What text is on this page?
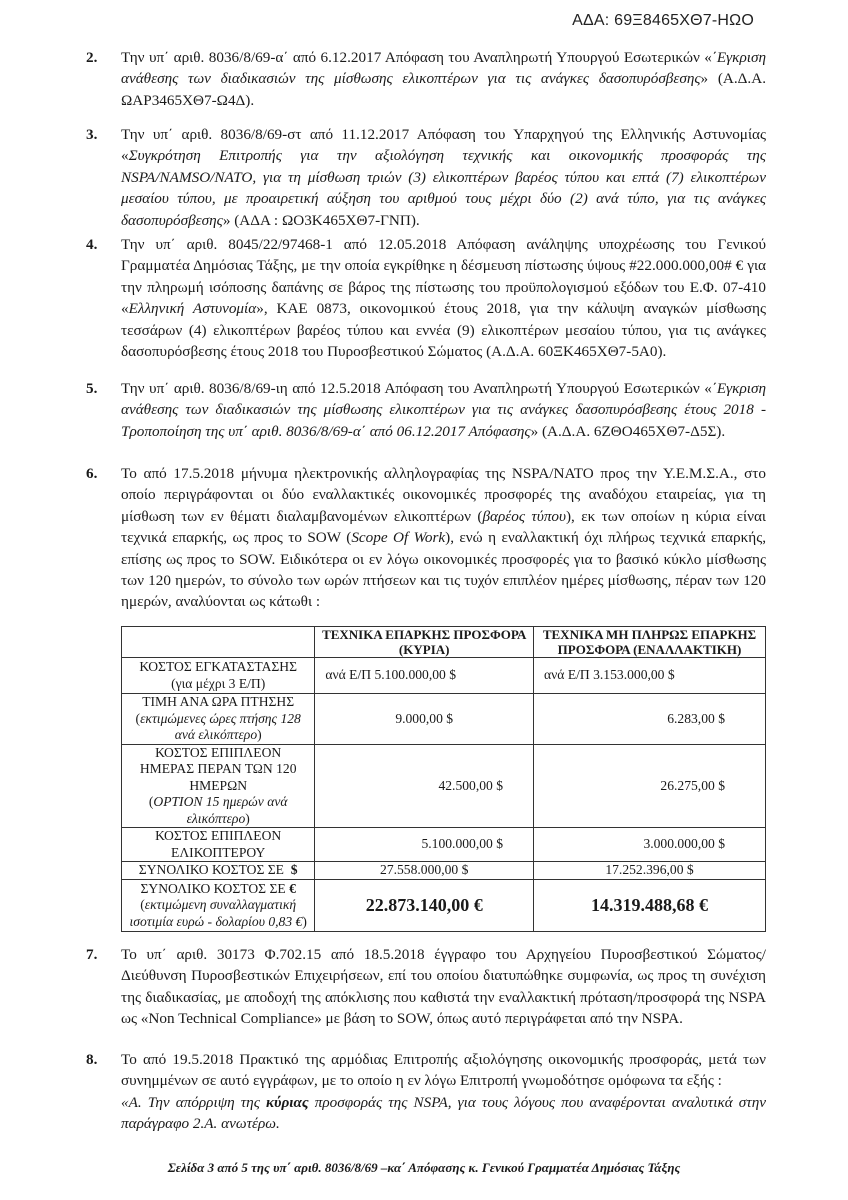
ΑΔΑ: 69Ξ8465ΧΘ7-ΗΩΟ
2.	Την υπ΄ αριθ. 8036/8/69-α΄ από 6.12.2017 Απόφαση του Αναπληρωτή Υπουργού Εσωτερικών «΄Εγκριση ανάθεσης των διαδικασιών της μίσθωσης ελικοπτέρων για τις ανάγκες δασοπυρόσβεσης» (Α.Δ.Α. ΩΑΡ3465ΧΘ7-Ω4Δ).
3.	Την υπ΄ αριθ. 8036/8/69-στ από 11.12.2017 Απόφαση του Υπαρχηγού της Ελληνικής Αστυνομίας «Συγκρότηση Επιτροπής για την αξιολόγηση τεχνικής και οικονομικής προσφοράς της NSPA/NAMSO/NATO, για τη μίσθωση τριών (3) ελικοπτέρων βαρέος τύπου και επτά (7) ελικοπτέρων μεσαίου τύπου, με προαιρετική αύξηση του αριθμού τους μέχρι δύο (2) ανά τύπο, για τις ανάγκες δασοπυρόσβεσης» (ΑΔΑ : ΩΟ3Κ465ΧΘ7-ΓΝΠ).
4.	Την υπ΄ αριθ. 8045/22/97468-1 από 12.05.2018 Απόφαση ανάληψης υποχρέωσης του Γενικού Γραμματέα Δημόσιας Τάξης, με την οποία εγκρίθηκε η δέσμευση πίστωσης ύψους #22.000.000,00# € για την πληρωμή ισόποσης δαπάνης σε βάρος της πίστωσης του προϋπολογισμού εξόδων του Ε.Φ. 07-410 «Ελληνική Αστυνομία», ΚΑΕ 0873, οικονομικού έτους 2018, για την κάλυψη αναγκών μίσθωσης τεσσάρων (4) ελικοπτέρων βαρέος τύπου και εννέα (9) ελικοπτέρων μεσαίου τύπου, για τις ανάγκες δασοπυρόσβεσης έτους 2018 του Πυροσβεστικού Σώματος (Α.Δ.Α. 60ΞΚ465ΧΘ7-5Α0).
5.	Την υπ΄ αριθ. 8036/8/69-ιη από 12.5.2018 Απόφαση του Αναπληρωτή Υπουργού Εσωτερικών «΄Εγκριση ανάθεσης των διαδικασιών της μίσθωσης ελικοπτέρων για τις ανάγκες δασοπυρόσβεσης έτους 2018 - Τροποποίηση της υπ΄ αριθ. 8036/8/69-α΄ από 06.12.2017 Απόφασης» (Α.Δ.Α. 6ΖΘΟ465ΧΘ7-Δ5Σ).
6.	Το από 17.5.2018 μήνυμα ηλεκτρονικής αλληλογραφίας της NSPA/NATO προς την Υ.Ε.Μ.Σ.Α., στο οποίο περιγράφονται οι δύο εναλλακτικές οικονομικές προσφορές της αναδόχου εταιρείας, για τη μίσθωση των εν θέματι διαλαμβανομένων ελικοπτέρων (βαρέος τύπου), εκ των οποίων η κύρια είναι τεχνικά επαρκής, ως προς το SOW (Scope Of Work), ενώ η εναλλακτική όχι πλήρως τεχνικά επαρκής, επίσης ως προς το SOW. Ειδικότερα οι εν λόγω οικονομικές προσφορές για το βασικό κύκλο μίσθωσης των 120 ημερών, το σύνολο των ωρών πτήσεων και τις τυχόν επιπλέον ημέρες μίσθωσης, πέραν των 120 ημερών, αναλύονται ως κάτωθι :
	ΤΕΧΝΙΚΑ ΕΠΑΡΚΗΣ ΠΡΟΣΦΟΡΑ (ΚΥΡΙΑ)	ΤΕΧΝΙΚΑ ΜΗ ΠΛΗΡΩΣ ΕΠΑΡΚΗΣ ΠΡΟΣΦΟΡΑ (ΕΝΑΛΛΑΚΤΙΚΗ)
ΚΟΣΤΟΣ ΕΓΚΑΤΑΣΤΑΣΗΣ
(για μέχρι 3 Ε/Π)	ανά Ε/Π 5.100.000,00 $	ανά Ε/Π 3.153.000,00 $
ΤΙΜΗ ΑΝΑ ΩΡΑ ΠΤΗΣΗΣ
(εκτιμώμενες ώρες πτήσης 128 ανά ελικόπτερο)	9.000,00 $	6.283,00 $
ΚΟΣΤΟΣ ΕΠΙΠΛΕΟΝ ΗΜΕΡΑΣ ΠΕΡΑΝ ΤΩΝ 120 ΗΜΕΡΩΝ
(OPTION 15 ημερών ανά ελικόπτερο)	42.500,00 $	26.275,00 $
ΚΟΣΤΟΣ ΕΠΙΠΛΕΟΝ ΕΛΙΚΟΠΤΕΡΟΥ	5.100.000,00 $	3.000.000,00 $
ΣΥΝΟΛΙΚΟ ΚΟΣΤΟΣ ΣΕ $	27.558.000,00 $	17.252.396,00 $
ΣΥΝΟΛΙΚΟ ΚΟΣΤΟΣ ΣΕ €
(εκτιμώμενη συναλλαγματική ισοτιμία ευρώ - δολαρίου 0,83 €)	22.873.140,00 €	14.319.488,68 €
7.	Το υπ΄ αριθ. 30173 Φ.702.15 από 18.5.2018 έγγραφο του Αρχηγείου Πυροσβεστικού Σώματος/Διεύθυνση Πυροσβεστικών Επιχειρήσεων, επί του οποίου διατυπώθηκε συμφωνία, ως προς τη συνέχιση της διαδικασίας, με αποδοχή της απόκλισης που καθιστά την εναλλακτική πρόταση/προσφορά της NSPA ως «Non Technical Compliance» με βάση το SOW, όπως αυτό περιγράφεται από την NSPA.
8.	Το από 19.5.2018 Πρακτικό της αρμόδιας Επιτροπής αξιολόγησης οικονομικής προσφοράς, μετά των συνημμένων σε αυτό εγγράφων, με το οποίο η εν λόγω Επιτροπή γνωμοδότησε ομόφωνα τα εξής :
«Α. Την απόρριψη της κύριας προσφοράς της NSPA, για τους λόγους που αναφέρονται αναλυτικά στην παράγραφο 2.Α. ανωτέρω.
Σελίδα 3 από 5 της υπ΄ αριθ. 8036/8/69 –κα΄ Απόφασης κ. Γενικού Γραμματέα Δημόσιας Τάξης
